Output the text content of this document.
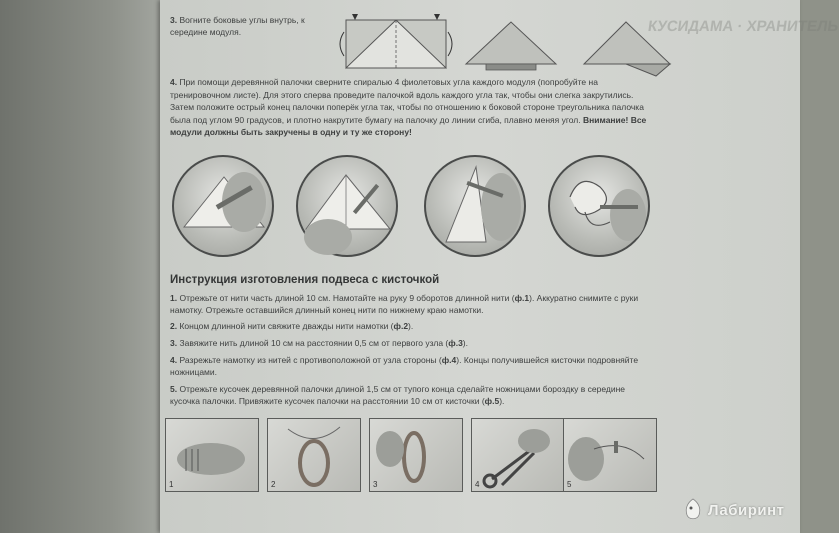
КУСИДАМА · ХРАНИТЕЛЬ
3. Вогните боковые углы внутрь, к середине модуля.
4. При помощи деревянной палочки сверните спиралью 4 фиолетовых угла каждого модуля (попробуйте на тренировочном листе). Для этого сперва проведите палочкой вдоль каждого угла так, чтобы они слегка закрутились. Затем положите острый конец палочки поперёк угла так, чтобы по отношению к боковой стороне треугольника палочка была под углом 90 градусов, и плотно накрутите бумагу на палочку до линии сгиба, плавно меняя угол. Внимание! Все модули должны быть закручены в одну и ту же сторону!
Инструкция изготовления подвеса с кисточкой
1. Отрежьте от нити часть длиной 10 см. Намотайте на руку 9 оборотов длинной нити (ф.1). Аккуратно снимите с руки намотку. Отрежьте оставшийся длинный конец нити по нижнему краю намотки.
2. Концом длинной нити свяжите дважды нити намотки (ф.2).
3. Завяжите нить длиной 10 см на расстоянии 0,5 см от первого узла (ф.3).
4. Разрежьте намотку из нитей с противоположной от узла стороны (ф.4). Концы получившейся кисточки подровняйте ножницами.
5. Отрежьте кусочек деревянной палочки длиной 1,5 см от тупого конца сделайте ножницами бороздку в середине кусочка палочки. Привяжите кусочек палочки на расстоянии 10 см от кисточки (ф.5).
1	2	3	4	5
Лабиринт
